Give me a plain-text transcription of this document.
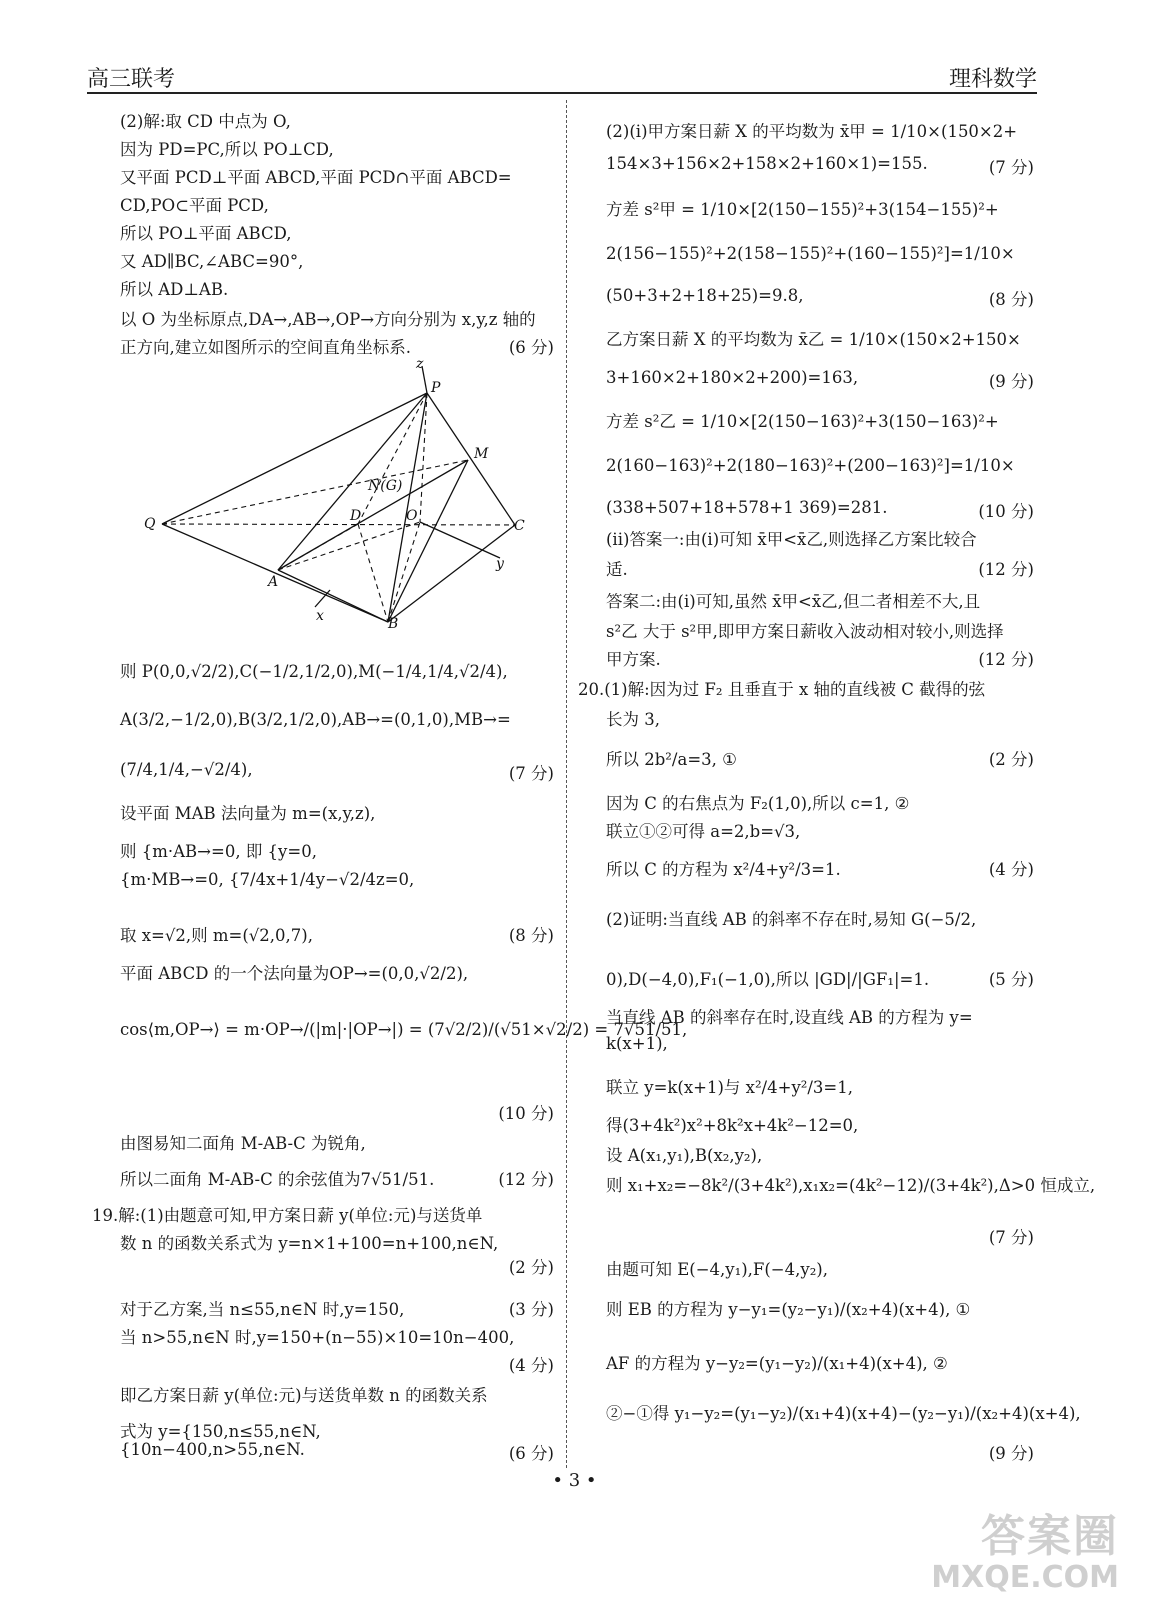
高三联考	理科数学
(2)解:取 CD 中点为 O,
因为 PD=PC,所以 PO⊥CD,
又平面 PCD⊥平面 ABCD,平面 PCD∩平面 ABCD=
CD,PO⊂平面 PCD,
所以 PO⊥平面 ABCD,
又 AD∥BC,∠ABC=90°,
所以 AD⊥AB.
以 O 为坐标原点,DA→,AB→,OP→方向分别为 x,y,z 轴的
正方向,建立如图所示的空间直角坐标系.	(6 分)
则 P(0,0,√2/2),C(−1/2,1/2,0),M(−1/4,1/4,√2/4),
A(3/2,−1/2,0),B(3/2,1/2,0),AB→=(0,1,0),MB→=
(7/4,1/4,−√2/4),	(7 分)
设平面 MAB 法向量为 m=(x,y,z),
则 {m·AB→=0, 即 {y=0,
{m·MB→=0, {7/4x+1/4y−√2/4z=0,
取 x=√2,则 m=(√2,0,7),	(8 分)
平面 ABCD 的一个法向量为OP→=(0,0,√2/2),
cos⟨m,OP→⟩ = m·OP→/(|m|·|OP→|) = (7√2/2)/(√51×√2/2) = 7√51/51,
(10 分)
由图易知二面角 M-AB-C 为锐角,
所以二面角 M-AB-C 的余弦值为7√51/51.	(12 分)
19.解:(1)由题意可知,甲方案日薪 y(单位:元)与送货单
数 n 的函数关系式为 y=n×1+100=n+100,n∈N,
(2 分)
对于乙方案,当 n≤55,n∈N 时,y=150,	(3 分)
当 n>55,n∈N 时,y=150+(n−55)×10=10n−400,
(4 分)
即乙方案日薪 y(单位:元)与送货单数 n 的函数关系
式为 y={150,n≤55,n∈N,
{10n−400,n>55,n∈N.	(6 分)
(2)(i)甲方案日薪 X 的平均数为 x̄甲 = 1/10×(150×2+
154×3+156×2+158×2+160×1)=155.	(7 分)
方差 s²甲 = 1/10×[2(150−155)²+3(154−155)²+
2(156−155)²+2(158−155)²+(160−155)²]=1/10×
(50+3+2+18+25)=9.8,	(8 分)
乙方案日薪 X 的平均数为 x̄乙 = 1/10×(150×2+150×
3+160×2+180×2+200)=163,	(9 分)
方差 s²乙 = 1/10×[2(150−163)²+3(150−163)²+
2(160−163)²+2(180−163)²+(200−163)²]=1/10×
(338+507+18+578+1 369)=281.	(10 分)
(ii)答案一:由(i)可知 x̄甲<x̄乙,则选择乙方案比较合
适.	(12 分)
答案二:由(i)可知,虽然 x̄甲<x̄乙,但二者相差不大,且
s²乙 大于 s²甲,即甲方案日薪收入波动相对较小,则选择
甲方案.	(12 分)
20.(1)解:因为过 F₂ 且垂直于 x 轴的直线被 C 截得的弦
长为 3,
所以 2b²/a=3, ①	(2 分)
因为 C 的右焦点为 F₂(1,0),所以 c=1, ②
联立①②可得 a=2,b=√3,
所以 C 的方程为 x²/4+y²/3=1.	(4 分)
(2)证明:当直线 AB 的斜率不存在时,易知 G(−5/2,
0),D(−4,0),F₁(−1,0),所以 |GD|/|GF₁|=1.	(5 分)
当直线 AB 的斜率存在时,设直线 AB 的方程为 y=
k(x+1),
联立 y=k(x+1)与 x²/4+y²/3=1,
得(3+4k²)x²+8k²x+4k²−12=0,
设 A(x₁,y₁),B(x₂,y₂),
则 x₁+x₂=−8k²/(3+4k²),x₁x₂=(4k²−12)/(3+4k²),Δ>0 恒成立,
(7 分)
由题可知 E(−4,y₁),F(−4,y₂),
则 EB 的方程为 y−y₁=(y₂−y₁)/(x₂+4)(x+4), ①
AF 的方程为 y−y₂=(y₁−y₂)/(x₁+4)(x+4), ②
②−①得 y₁−y₂=(y₁−y₂)/(x₁+4)(x+4)−(y₂−y₁)/(x₂+4)(x+4),
(9 分)
z
P
M
N(G)
D	O
C
Q
A
y
x	B
• 3 •
答案圈
MXQE.COM
